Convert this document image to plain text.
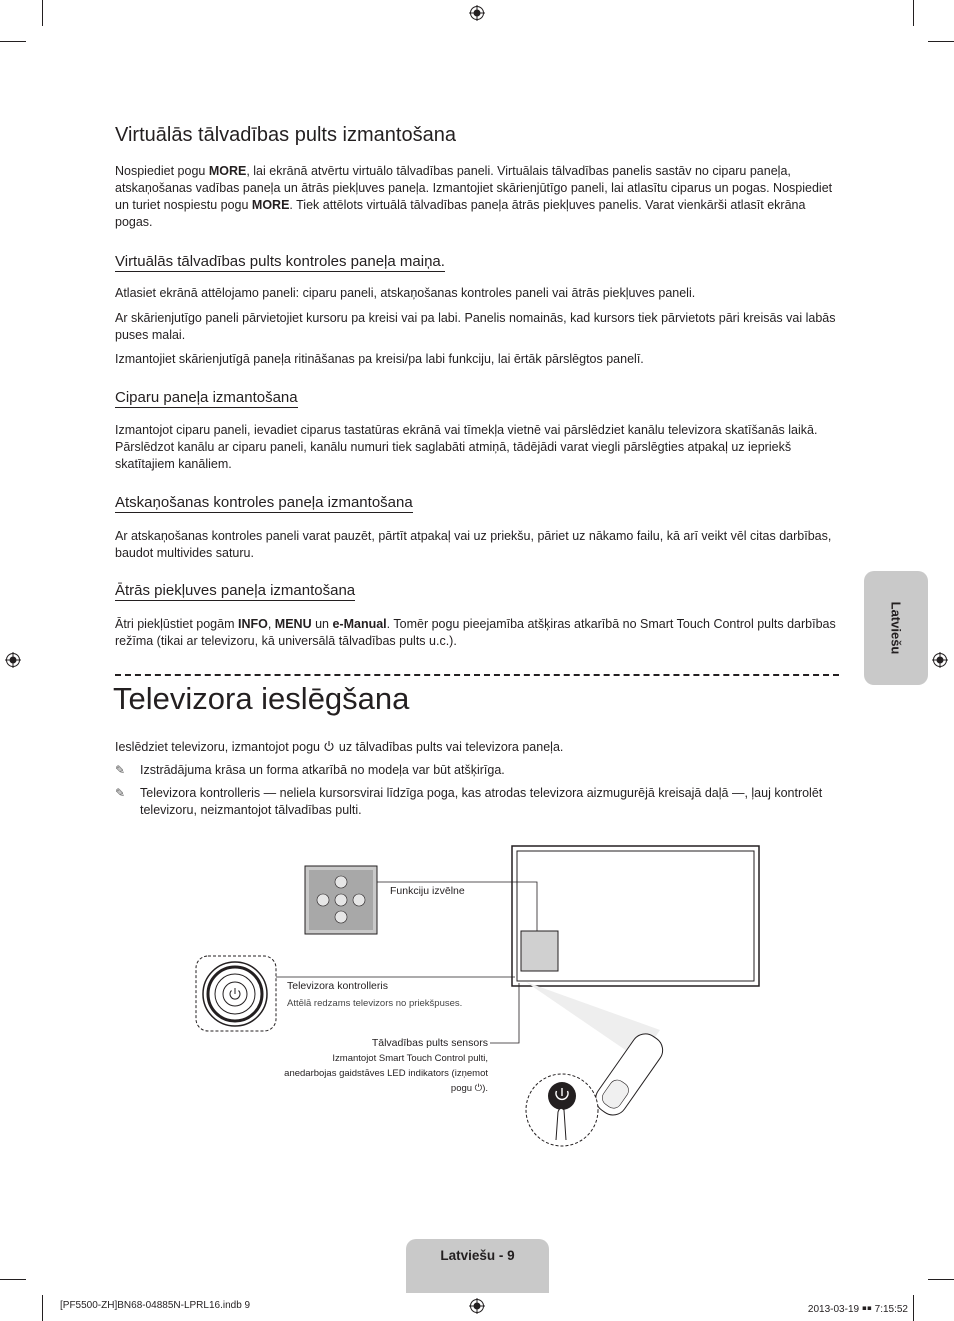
Virtuālās tālvadības pults izmantošana

Nospiediet pogu MORE, lai ekrānā atvērtu virtuālo tālvadības paneli. Virtuālais tālvadības panelis sastāv no ciparu paneļa, atskaņošanas vadības paneļa un ātrās piekļuves paneļa. Izmantojiet skārienjūtīgo paneli, lai atlasītu ciparus un pogas. Nospiediet un turiet nospiestu pogu MORE. Tiek attēlots virtuālā tālvadības paneļa ātrās piekļuves panelis. Varat vienkārši atlasīt ekrāna pogas.

Virtuālās tālvadības pults kontroles paneļa maiņa.

Atlasiet ekrānā attēlojamo paneli: ciparu paneli, atskaņošanas kontroles paneli vai ātrās piekļuves paneli.

Ar skārienjutīgo paneli pārvietojiet kursoru pa kreisi vai pa labi. Panelis nomainās, kad kursors tiek pārvietots pāri kreisās vai labās puses malai.

Izmantojiet skārienjutīgā paneļa ritināšanas pa kreisi/pa labi funkciju, lai ērtāk pārslēgtos panelī.

Ciparu paneļa izmantošana

Izmantojot ciparu paneli, ievadiet ciparus tastatūras ekrānā vai tīmekļa vietnē vai pārslēdziet kanālu televizora skatīšanās laikā. Pārslēdzot kanālu ar ciparu paneli, kanālu numuri tiek saglabāti atmiņā, tādējādi varat viegli pārslēgties atpakaļ uz iepriekš skatītajiem kanāliem.

Atskaņošanas kontroles paneļa izmantošana

Ar atskaņošanas kontroles paneli varat pauzēt, pārtīt atpakaļ vai uz priekšu, pāriet uz nākamo failu, kā arī veikt vēl citas darbības, baudot multivides saturu.

Ātrās piekļuves paneļa izmantošana

Ātri piekļūstiet pogām INFO, MENU un e-Manual. Tomēr pogu pieejamība atšķiras atkarībā no Smart Touch Control pults darbības režīma (tikai ar televizoru, kā universālā tālvadības pults u.c.).

Televizora ieslēgšana

Ieslēdziet televizoru, izmantojot pogu  uz tālvadības pults vai televizora paneļa.

✎	Izstrādājuma krāsa un forma atkarībā no modeļa var būt atšķirīga.
✎	Televizora kontrolleris — neliela kursorsvirai līdzīga poga, kas atrodas televizora aizmugurējā kreisajā daļā —, ļauj kontrolēt televizoru, neizmantojot tālvadības pulti.
Funkciju izvēlne
Televizora kontrolleris
Attēlā redzams televizors no priekšpuses.
Tālvadības pults sensors
Izmantojot Smart Touch Control pulti,
anedarbojas gaidstāves LED indikators (izņemot
pogu ⏻).
Latviešu
Latviešu - 9
[PF5500-ZH]BN68-04885N-LPRL16.indb 9	2013-03-19 ￭￭ 7:15:52
